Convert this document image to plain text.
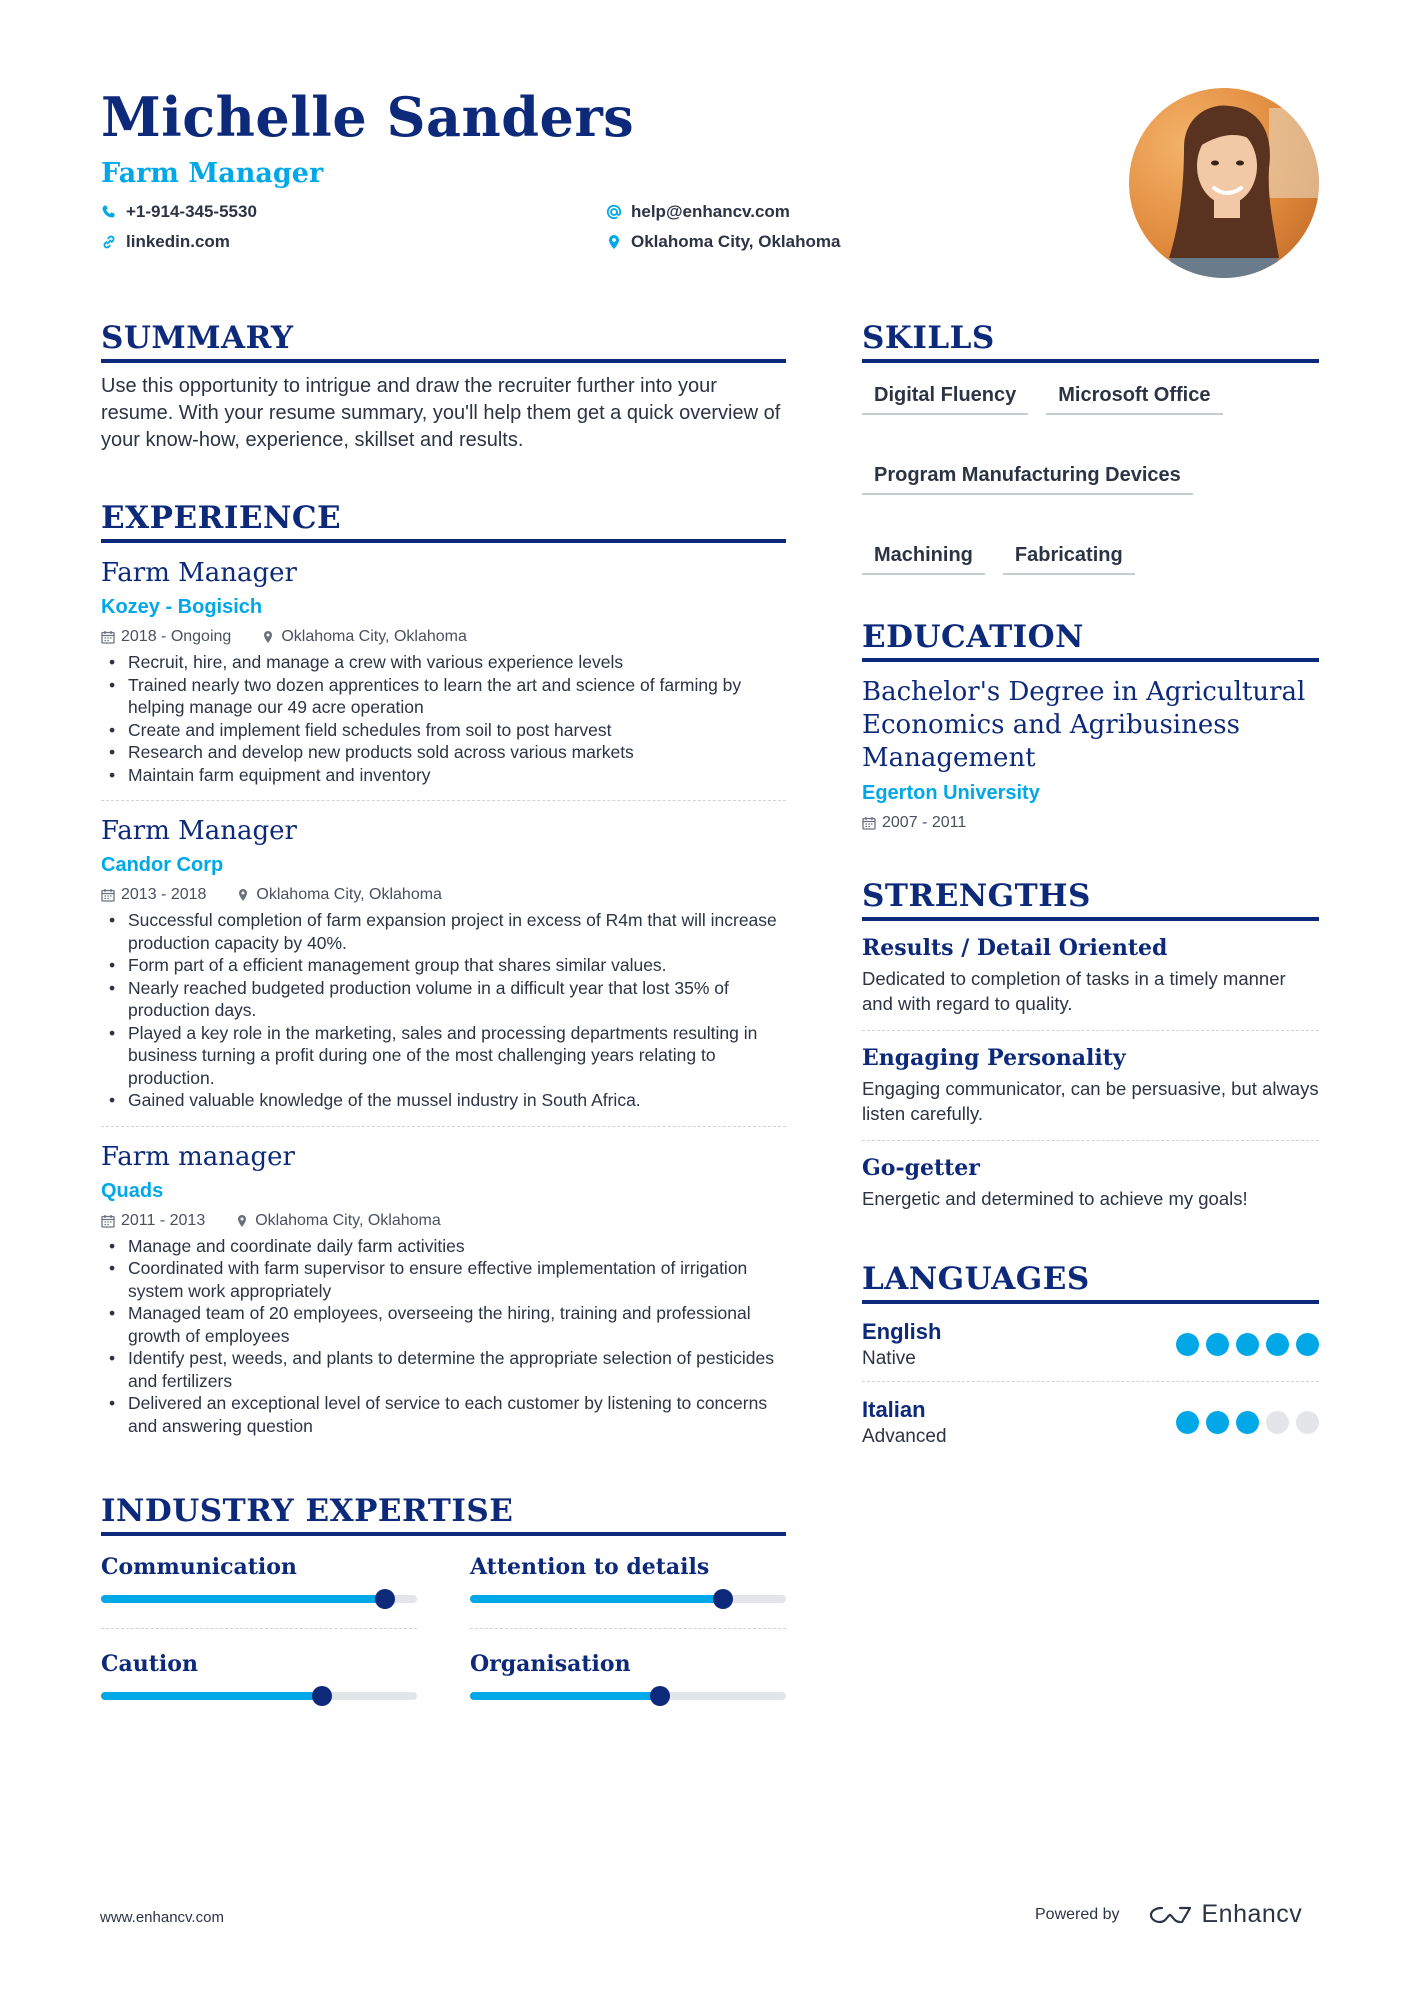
Michelle Sanders
Farm Manager
+1-914-345-5530	help@enhancv.com
linkedin.com	Oklahoma City, Oklahoma
SUMMARY
Use this opportunity to intrigue and draw the recruiter further into your resume. With your resume summary, you'll help them get a quick overview of your know-how, experience, skillset and results.
EXPERIENCE
Farm Manager
Kozey - Bogisich
2018 - Ongoing	Oklahoma City, Oklahoma
• Recruit, hire, and manage a crew with various experience levels
• Trained nearly two dozen apprentices to learn the art and science of farming by helping manage our 49 acre operation
• Create and implement field schedules from soil to post harvest
• Research and develop new products sold across various markets
• Maintain farm equipment and inventory
Farm Manager
Candor Corp
2013 - 2018	Oklahoma City, Oklahoma
• Successful completion of farm expansion project in excess of R4m that will increase production capacity by 40%.
• Form part of a efficient management group that shares similar values.
• Nearly reached budgeted production volume in a difficult year that lost 35% of production days.
• Played a key role in the marketing, sales and processing departments resulting in business turning a profit during one of the most challenging years relating to production.
• Gained valuable knowledge of the mussel industry in South Africa.
Farm manager
Quads
2011 - 2013	Oklahoma City, Oklahoma
• Manage and coordinate daily farm activities
• Coordinated with farm supervisor to ensure effective implementation of irrigation system work appropriately
• Managed team of 20 employees, overseeing the hiring, training and professional growth of employees
• Identify pest, weeds, and plants to determine the appropriate selection of pesticides and fertilizers
• Delivered an exceptional level of service to each customer by listening to concerns and answering question
INDUSTRY EXPERTISE
Communication	Attention to details
Caution	Organisation
SKILLS
Digital Fluency	Microsoft Office
Program Manufacturing Devices
Machining	Fabricating
EDUCATION
Bachelor's Degree in Agricultural Economics and Agribusiness Management
Egerton University
2007 - 2011
STRENGTHS
Results / Detail Oriented
Dedicated to completion of tasks in a timely manner and with regard to quality.
Engaging Personality
Engaging communicator, can be persuasive, but always listen carefully.
Go-getter
Energetic and determined to achieve my goals!
LANGUAGES
English
Native
Italian
Advanced
www.enhancv.com	Powered by	Enhancv
